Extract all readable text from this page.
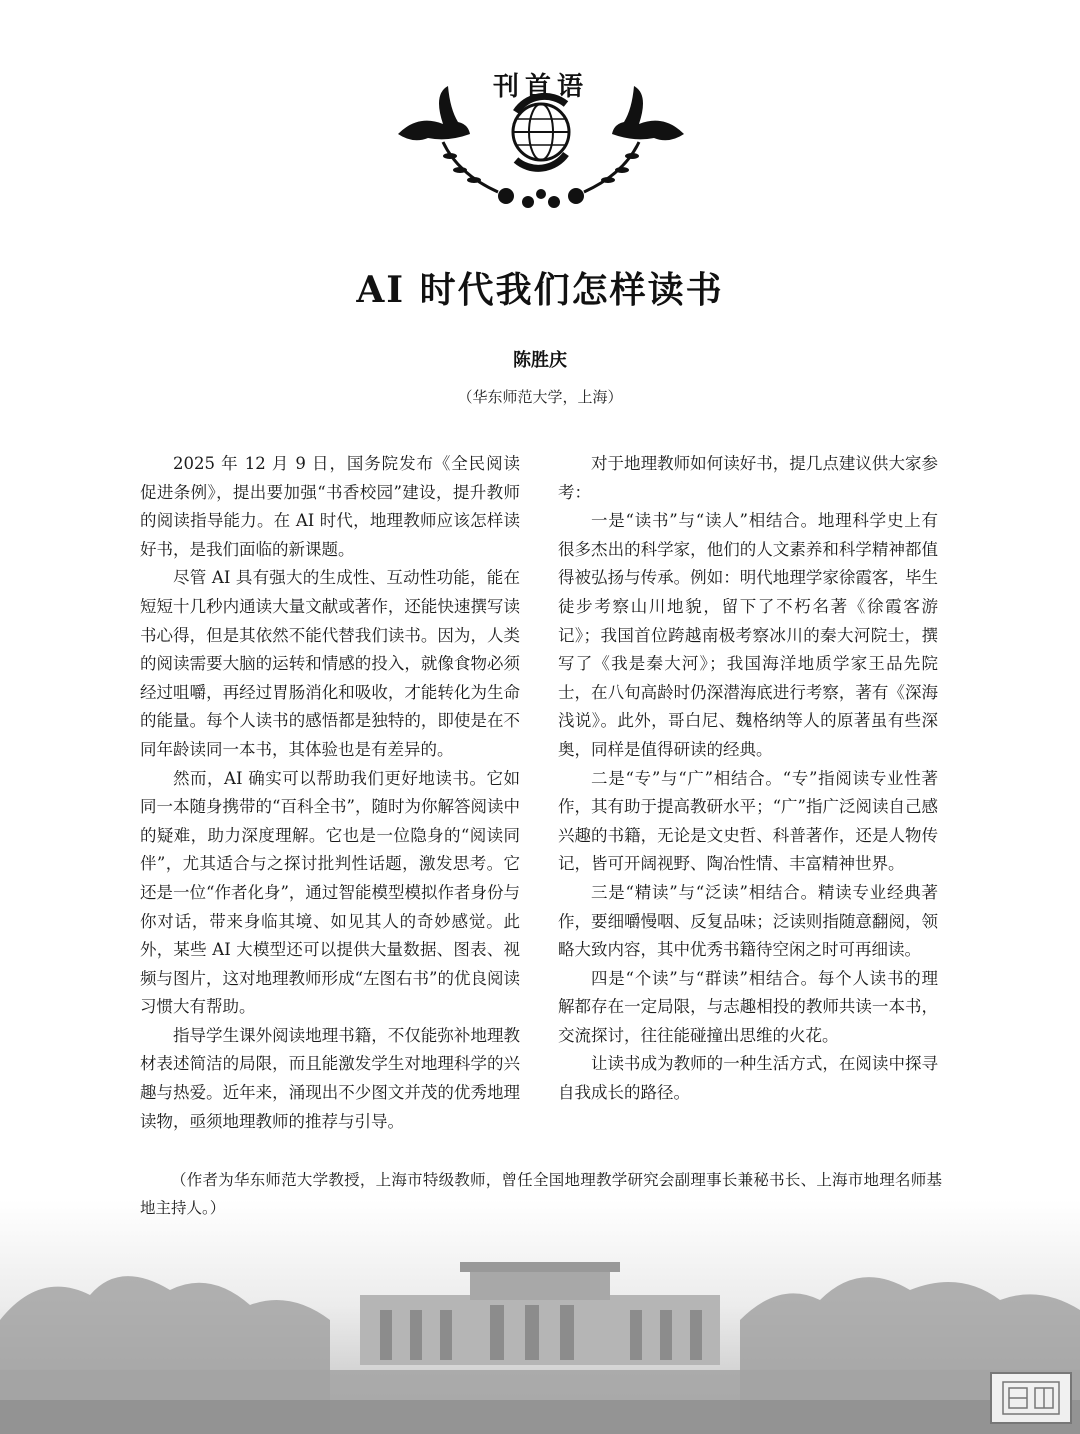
刊首语
AI 时代我们怎样读书
陈胜庆
（华东师范大学，上海）

2025 年 12 月 9 日，国务院发布《全民阅读促进条例》，提出要加强“书香校园”建设，提升教师的阅读指导能力。在 AI 时代，地理教师应该怎样读好书，是我们面临的新课题。

尽管 AI 具有强大的生成性、互动性功能，能在短短十几秒内通读大量文献或著作，还能快速撰写读书心得，但是其依然不能代替我们读书。因为，人类的阅读需要大脑的运转和情感的投入，就像食物必须经过咀嚼，再经过胃肠消化和吸收，才能转化为生命的能量。每个人读书的感悟都是独特的，即使是在不同年龄读同一本书，其体验也是有差异的。

然而，AI 确实可以帮助我们更好地读书。它如同一本随身携带的“百科全书”，随时为你解答阅读中的疑难，助力深度理解。它也是一位隐身的“阅读同伴”，尤其适合与之探讨批判性话题，激发思考。它还是一位“作者化身”，通过智能模型模拟作者身份与你对话，带来身临其境、如见其人的奇妙感觉。此外，某些 AI 大模型还可以提供大量数据、图表、视频与图片，这对地理教师形成“左图右书”的优良阅读习惯大有帮助。

指导学生课外阅读地理书籍，不仅能弥补地理教材表述简洁的局限，而且能激发学生对地理科学的兴趣与热爱。近年来，涌现出不少图文并茂的优秀地理读物，亟须地理教师的推荐与引导。

对于地理教师如何读好书，提几点建议供大家参考：

一是“读书”与“读人”相结合。地理科学史上有很多杰出的科学家，他们的人文素养和科学精神都值得被弘扬与传承。例如：明代地理学家徐霞客，毕生徒步考察山川地貌，留下了不朽名著《徐霞客游记》；我国首位跨越南极考察冰川的秦大河院士，撰写了《我是秦大河》；我国海洋地质学家王品先院士，在八旬高龄时仍深潜海底进行考察，著有《深海浅说》。此外，哥白尼、魏格纳等人的原著虽有些深奥，同样是值得研读的经典。

二是“专”与“广”相结合。“专”指阅读专业性著作，其有助于提高教研水平；“广”指广泛阅读自己感兴趣的书籍，无论是文史哲、科普著作，还是人物传记，皆可开阔视野、陶冶性情、丰富精神世界。

三是“精读”与“泛读”相结合。精读专业经典著作，要细嚼慢咽、反复品味；泛读则指随意翻阅，领略大致内容，其中优秀书籍待空闲之时可再细读。

四是“个读”与“群读”相结合。每个人读书的理解都存在一定局限，与志趣相投的教师共读一本书，交流探讨，往往能碰撞出思维的火花。

让读书成为教师的一种生活方式，在阅读中探寻自我成长的路径。

（作者为华东师范大学教授，上海市特级教师，曾任全国地理教学研究会副理事长兼秘书长、上海市地理名师基地主持人。）
